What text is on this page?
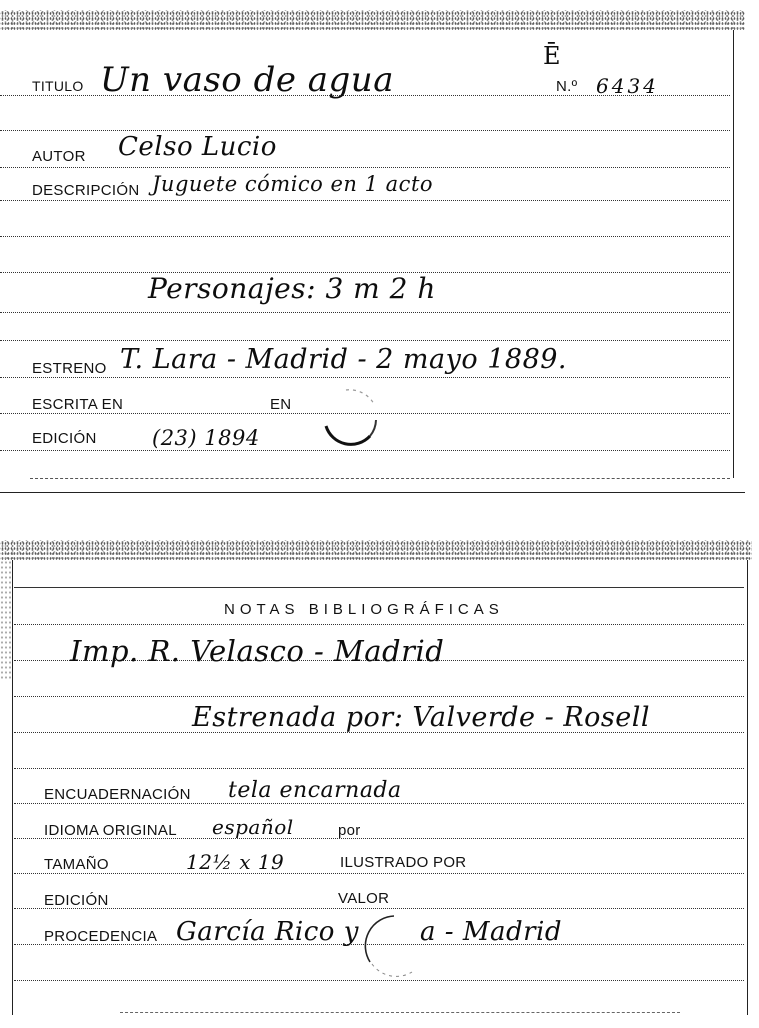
TITULO Un vaso de agua
Ē
N.º 6434
AUTOR Celso Lucio
DESCRIPCIÓN Juguete cómico en 1 acto
Personajes: 3 m 2 h
ESTRENO T. Lara - Madrid - 2 mayo 1889.
ESCRITA EN	EN
EDICIÓN	(23) 1894
NOTAS BIBLIOGRÁFICAS
Imp. R. Velasco - Madrid
Estrenada por: Valverde - Rosell
ENCUADERNACIÓN tela encarnada
IDIOMA ORIGINAL español	por
TAMAÑO	12½ x 19	ILUSTRADO POR
EDICIÓN	VALOR
PROCEDENCIA García Rico y a - Madrid
